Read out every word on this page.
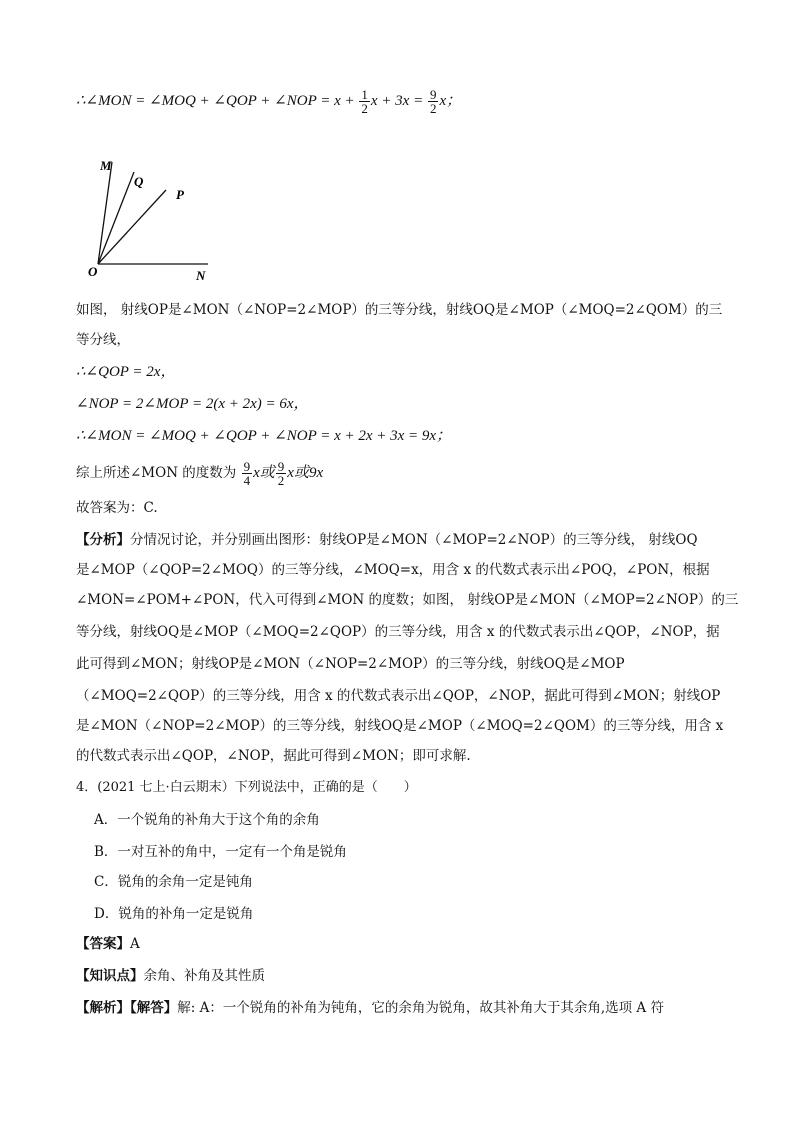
∴∠MON = ∠MOQ + ∠QOP + ∠NOP = $x + \frac{1}{2}$ $x + 3x = \frac{9}{2}$ x；
M
Q
P
O	N
如图， 射线OP是∠MON（∠NOP=2∠MOP）的三等分线，射线OQ是∠MOP（∠MOQ=2∠QOM）的三
等分线，
∴∠QOP = 2x，
∠NOP = 2∠MOP = 2(x + 2x) = 6x，
∴∠MON = ∠MOQ + ∠QOP + ∠NOP = x + 2x + 3x = 9x；
综上所述∠MON 的度数为 $\frac{9}{4}$ x或 $\frac{9}{2}$ x或9x
故答案为：C.
【分析】分情况讨论，并分别画出图形：射线OP是∠MON（∠MOP=2∠NOP）的三等分线， 射线OQ
是∠MOP（∠QOP=2∠MOQ）的三等分线，∠MOQ=x，用含 x 的代数式表示出∠POQ，∠PON，根据
∠MON=∠POM+∠PON，代入可得到∠MON 的度数；如图， 射线OP是∠MON（∠MOP=2∠NOP）的三
等分线，射线OQ是∠MOP（∠MOQ=2∠QOP）的三等分线，用含 x 的代数式表示出∠QOP，∠NOP，据
此可得到∠MON；射线OP是∠MON（∠NOP=2∠MOP）的三等分线，射线OQ是∠MOP
（∠MOQ=2∠QOP）的三等分线，用含 x 的代数式表示出∠QOP，∠NOP，据此可得到∠MON；射线OP
是∠MON（∠NOP=2∠MOP）的三等分线，射线OQ是∠MOP（∠MOQ=2∠QOM）的三等分线，用含 x
的代数式表示出∠QOP，∠NOP，据此可得到∠MON；即可求解.
4．(2021 七上·白云期末）下列说法中，正确的是（　　）
A．一个锐角的补角大于这个角的余角
B．一对互补的角中，一定有一个角是锐角
C．锐角的余角一定是钝角
D．锐角的补角一定是锐角
【答案】A
【知识点】余角、补角及其性质
【解析】【解答】解: A：一个锐角的补角为钝角，它的余角为锐角，故其补角大于其余角,选项 A 符
